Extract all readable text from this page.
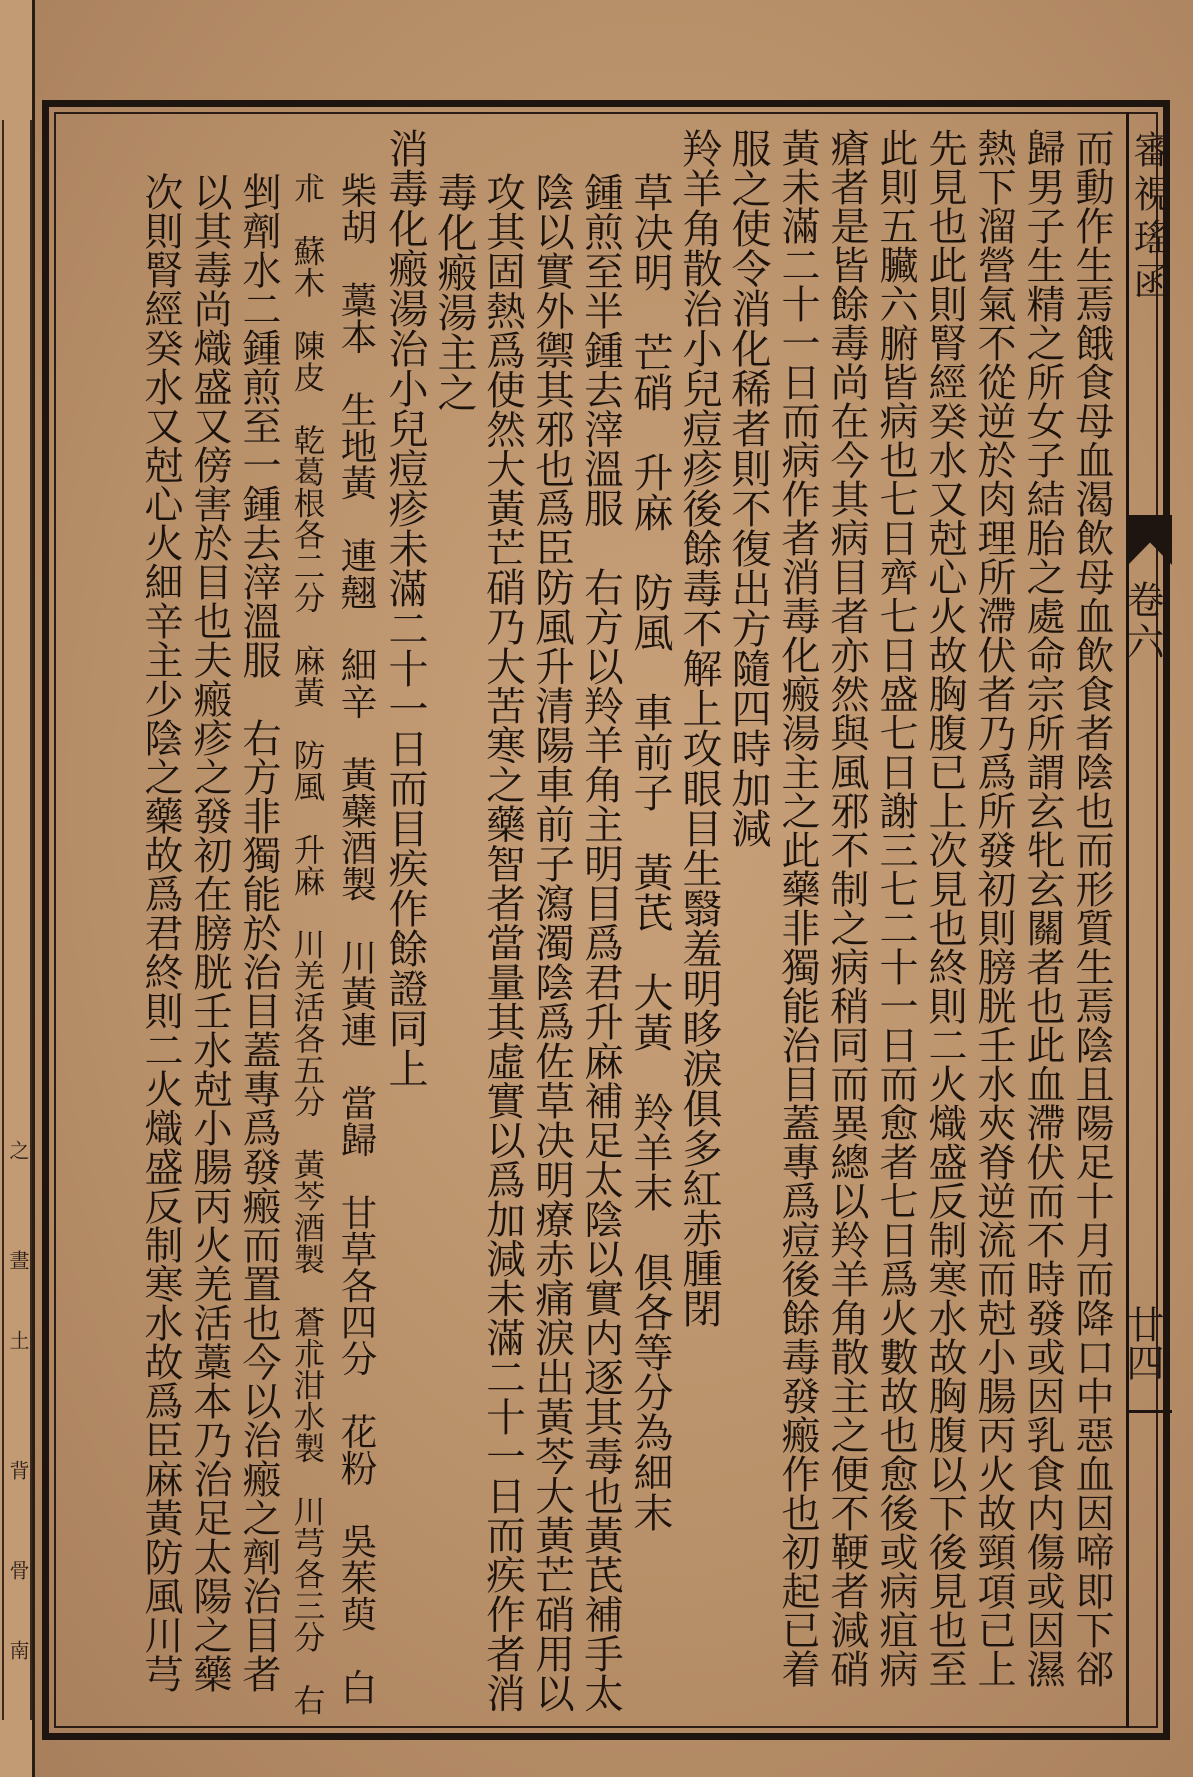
之
晝
土
背
骨
南
審視瑤函
卷六
廿四
而動作生焉餓食母血渴飲母血飲食者陰也而形質生焉陰且陽足十月而降口中惡血因啼即下郤
歸男子生精之所女子結胎之處命宗所謂玄牝玄關者也此血滯伏而不時發或因乳食内傷或因濕
熱下溜營氣不從逆於肉理所滯伏者乃爲所發初則膀胱壬水夾脊逆流而尅小腸丙火故頸項已上
先見也此則腎經癸水又尅心火故胸腹已上次見也終則二火熾盛反制寒水故胸腹以下後見也至
此則五臟六腑皆病也七日齊七日盛七日謝三七二十一日而愈者七日爲火數故也愈後或病疽病
瘡者是皆餘毒尚在今其病目者亦然與風邪不制之病稍同而異總以羚羊角散主之便不鞕者減硝
黃未滿二十一日而病作者消毒化瘢湯主之此藥非獨能治目蓋專爲痘後餘毒發瘢作也初起已着
服之使令消化稀者則不復出方隨四時加減
羚羊角散治小兒痘疹後餘毒不解上攻眼目生翳羞明眵淚俱多紅赤腫閉
草决明　芒硝　升麻　防風　車前子　黃芪　大黃　羚羊末　俱各等分為細末
鍾煎至半鍾去滓溫服　右方以羚羊角主明目爲君升麻補足太陰以實内逐其毒也黃芪補手太
陰以實外禦其邪也爲臣防風升清陽車前子瀉濁陰爲佐草决明療赤痛淚出黃芩大黃芒硝用以
攻其固熱爲使然大黃芒硝乃大苦寒之藥智者當量其虛實以爲加減未滿二十一日而疾作者消
毒化瘢湯主之
消毒化瘢湯治小兒痘疹未滿二十一日而目疾作餘證同上
柴胡　藁本　生地黃　連翹　細辛　黃蘗酒製　川黃連　當歸　甘草各四分　花粉　吳茱萸　白
朮　蘇木　陳皮　乾葛根各二分　麻黃　防風　升麻　川羌活各五分　黃芩酒製　蒼朮泔水製　川芎各三分　右
剉劑水二鍾煎至一鍾去滓溫服　右方非獨能於治目蓋專爲發瘢而置也今以治瘢之劑治目者
以其毒尚熾盛又傍害於目也夫瘢疹之發初在膀胱壬水尅小腸丙火羌活藁本乃治足太陽之藥
次則腎經癸水又尅心火細辛主少陰之藥故爲君終則二火熾盛反制寒水故爲臣麻黃防風川芎
